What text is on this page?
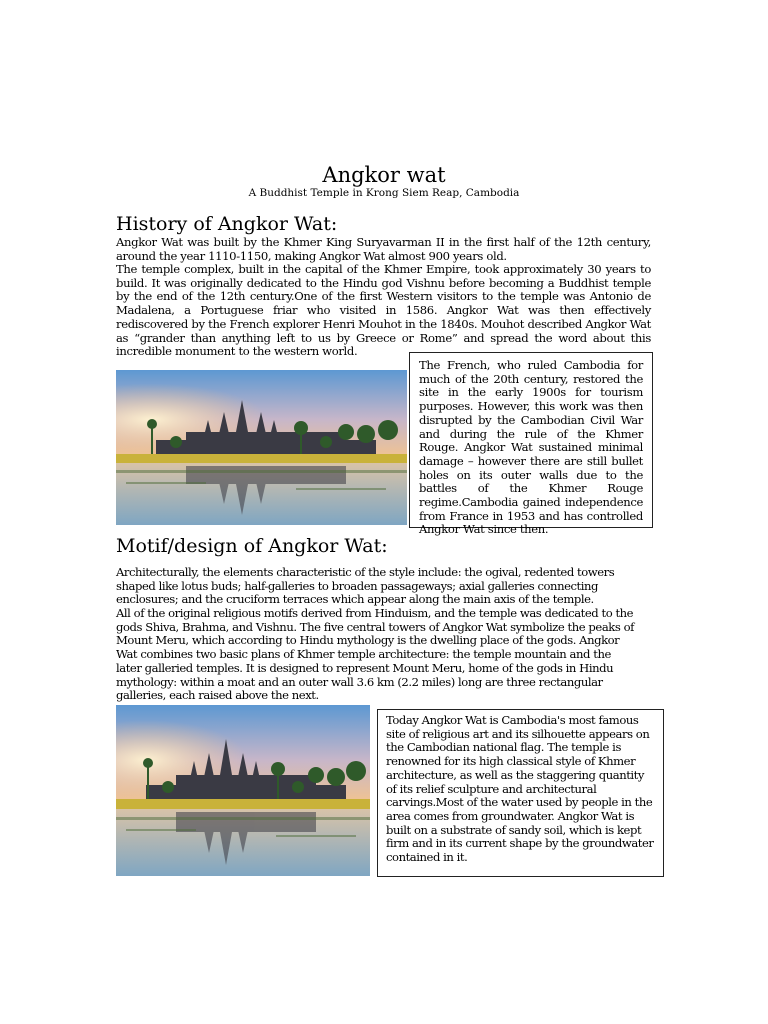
Angkor wat
A Buddhist Temple in Krong Siem Reap, Cambodia
History of Angkor Wat:

Angkor Wat was built by the Khmer King Suryavarman II in the first half of the 12th century, around the year 1110-1150, making Angkor Wat almost 900 years old.

The temple complex, built in the capital of the Khmer Empire, took approximately 30 years to build. It was originally dedicated to the Hindu god Vishnu before becoming a Buddhist temple by the end of the 12th century.One of the first Western visitors to the temple was Antonio de Madalena, a Portuguese friar who visited in 1586. Angkor Wat was then effectively rediscovered by the French explorer Henri Mouhot in the 1840s. Mouhot described Angkor Wat as “grander than anything left to us by Greece or Rome” and spread the word about this incredible monument to the western world.

The French, who ruled Cambodia for much of the 20th century, restored the site in the early 1900s for tourism purposes. However, this work was then disrupted by the Cambodian Civil War and during the rule of the Khmer Rouge. Angkor Wat sustained minimal damage – however there are still bullet holes on its outer walls due to the battles of the Khmer Rouge regime.Cambodia gained independence from France in 1953 and has controlled Angkor Wat since then.

Motif/design of Angkor Wat:

Architecturally, the elements characteristic of the style include: the ogival, redented towers shaped like lotus buds; half-galleries to broaden passageways; axial galleries connecting enclosures; and the cruciform terraces which appear along the main axis of the temple.

All of the original religious motifs derived from Hinduism, and the temple was dedicated to the gods Shiva, Brahma, and Vishnu. The five central towers of Angkor Wat symbolize the peaks of Mount Meru, which according to Hindu mythology is the dwelling place of the gods. Angkor Wat combines two basic plans of Khmer temple architecture: the temple mountain and the later galleried temples. It is designed to represent Mount Meru, home of the gods in Hindu mythology: within a moat and an outer wall 3.6 km (2.2 miles) long are three rectangular galleries, each raised above the next.

Today Angkor Wat is Cambodia's most famous site of religious art and its silhouette appears on the Cambodian national flag. The temple is renowned for its high classical style of Khmer architecture, as well as the staggering quantity of its relief sculpture and architectural carvings.Most of the water used by people in the area comes from groundwater. Angkor Wat is built on a substrate of sandy soil, which is kept firm and in its current shape by the groundwater contained in it.
